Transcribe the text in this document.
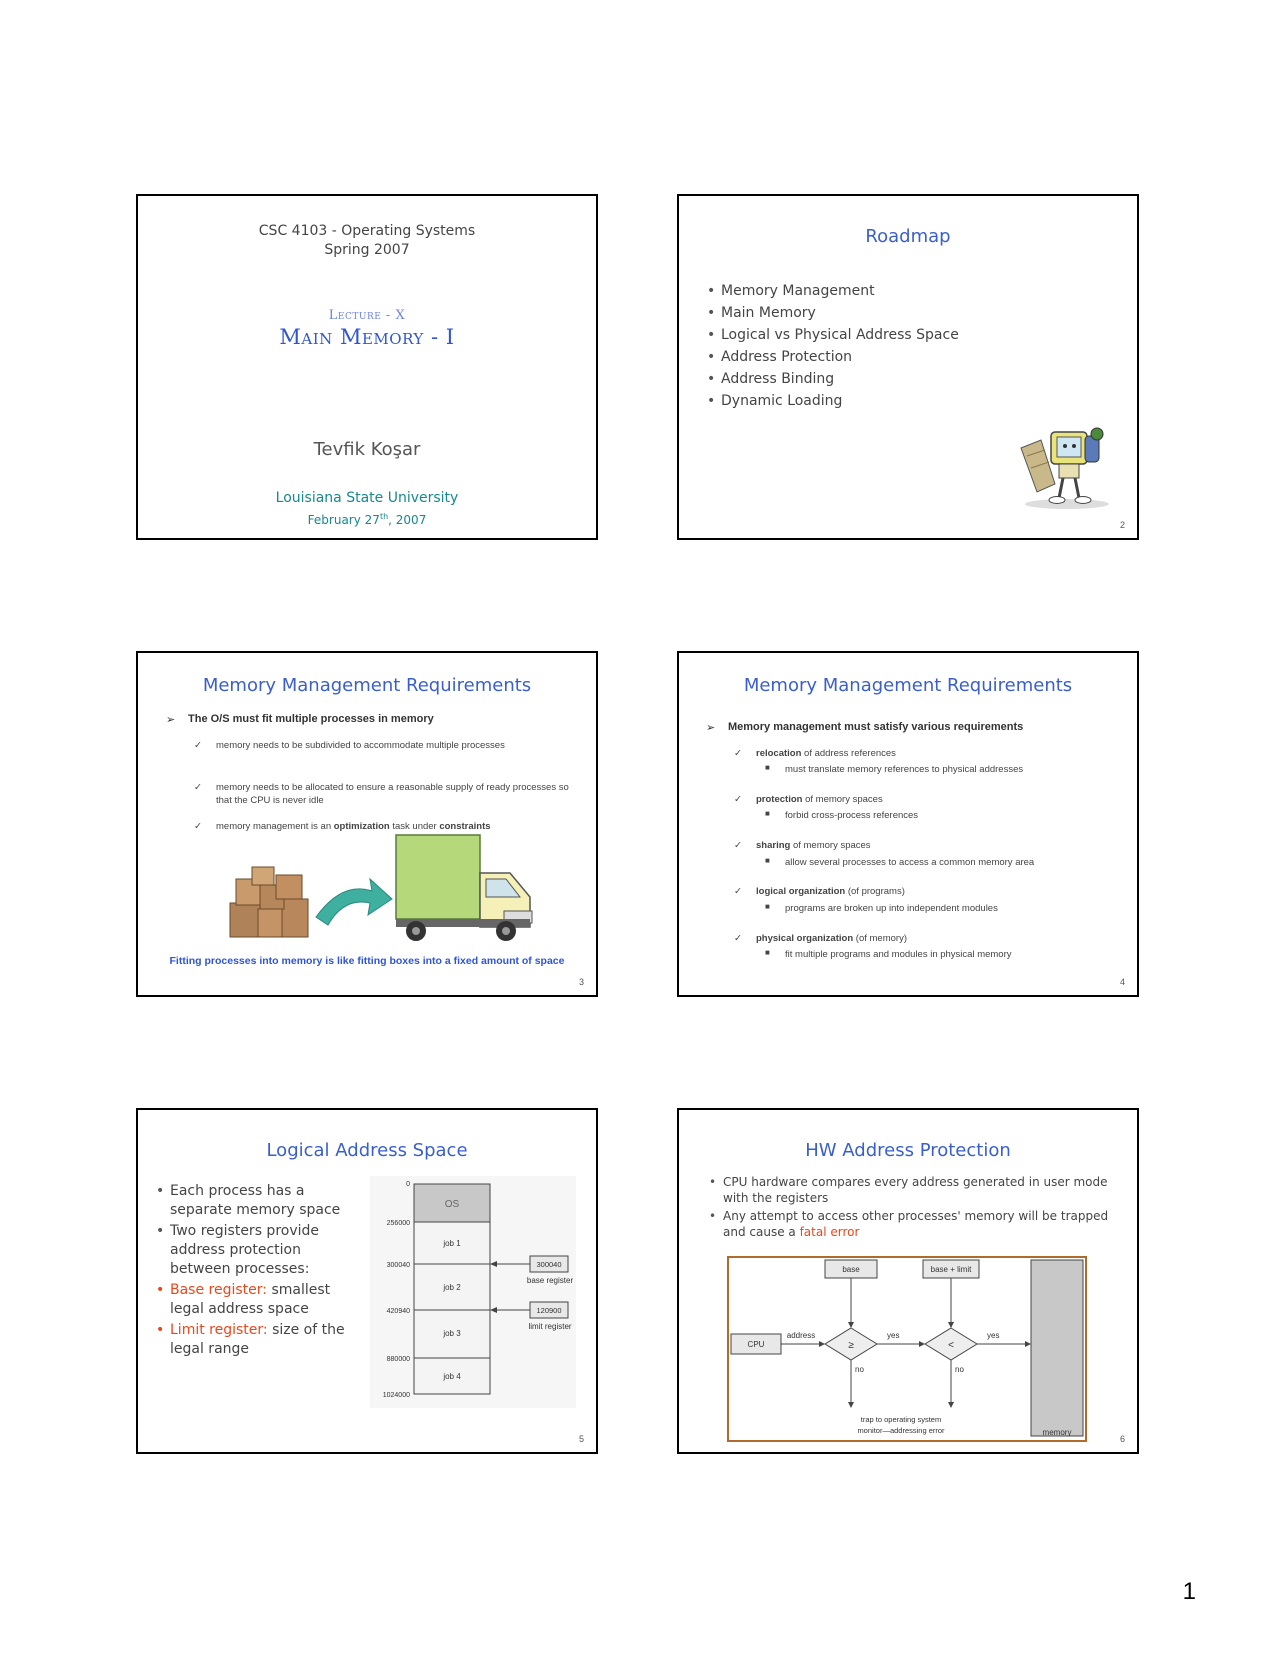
CSC 4103 - Operating Systems
Spring 2007
Lecture - X
Main Memory - I
Tevfik Koşar
Louisiana State University
February 27th, 2007
Roadmap
• Memory Management
• Main Memory
• Logical vs Physical Address Space
• Address Protection
• Address Binding
• Dynamic Loading
2
Memory Management Requirements
➢ The O/S must fit multiple processes in memory
✓ memory needs to be subdivided to accommodate multiple processes
✓ memory needs to be allocated to ensure a reasonable supply of ready processes so
that the CPU is never idle
✓ memory management is an optimization task under constraints
Fitting processes into memory is like fitting boxes into a fixed amount of space
3
Memory Management Requirements
➢ Memory management must satisfy various requirements
✓ relocation of address references
■ must translate memory references to physical addresses
✓ protection of memory spaces
■ forbid cross-process references
✓ sharing of memory spaces
■ allow several processes to access a common memory area
✓ logical organization (of programs)
■ programs are broken up into independent modules
✓ physical organization (of memory)
■ fit multiple programs and modules in physical memory
4
Logical Address Space
• Each process has a separate memory space
• Two registers provide address protection between processes:
• Base register: smallest legal address space
• Limit register: size of the legal range
OS
job 1
job 2
job 3
job 4
0
256000
300040
420940
880000
1024000
300040
base register
120900
limit register
5
HW Address Protection
• CPU hardware compares every address generated in user mode with the registers
• Any attempt to access other processes' memory will be trapped and cause a fatal error
memory
base	base + limit
CPU
address
≥
yes
<
yes
no	no
trap to operating system
monitor—addressing error
6
1
